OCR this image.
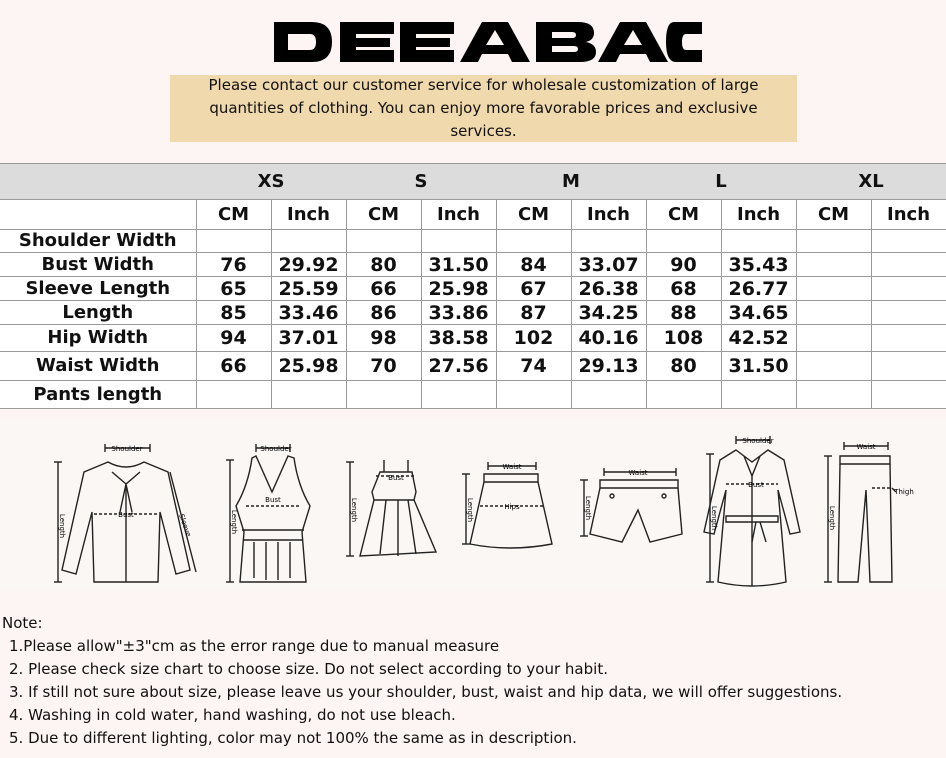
Please contact our customer service for wholesale customization of large quantities of clothing. You can enjoy more favorable prices and exclusive services.
	XS		S		M		L		XL	
	CM	Inch	CM	Inch	CM	Inch	CM	Inch	CM	Inch
Shoulder Width										
Bust Width	76	29.92	80	31.50	84	33.07	90	35.43		
Sleeve Length	65	25.59	66	25.98	67	26.38	68	26.77		
Length	85	33.46	86	33.86	87	34.25	88	34.65		
Hip Width	94	37.01	98	38.58	102	40.16	108	42.52		
Waist Width	66	25.98	70	27.56	74	29.13	80	31.50		
Pants length										
Shoulder
Bust
Length	Sleeve
Shoulder
Bust
Length
Bust
Length
Waist
Hips
Length
Waist
Length
Shoulder
Bust
Length
Waist
Thigh
Length
Note:
1.Please allow"±3"cm as the error range due to manual measure
2. Please check size chart to choose size. Do not select according to your habit.
3. If still not sure about size, please leave us your shoulder, bust, waist and hip data, we will offer suggestions.
4. Washing in cold water, hand washing, do not use bleach.
5. Due to different lighting, color may not 100% the same as in description.
